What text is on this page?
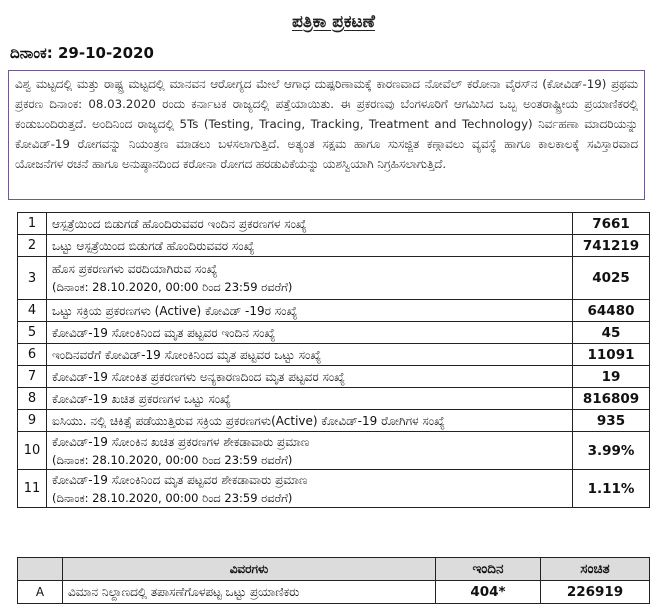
ಪತ್ರಿಕಾ ಪ್ರಕಟಣೆ
ದಿನಾಂಕ: 29-10-2020
ವಿಶ್ವ ಮಟ್ಟದಲ್ಲಿ ಮತ್ತು ರಾಷ್ಟ್ರ ಮಟ್ಟದಲ್ಲಿ ಮಾನವನ ಆರೋಗ್ಯದ ಮೇಲೆ ಆಗಾಧ ದುಷ್ಪರಿಣಾಮಕ್ಕೆ ಕಾರಣವಾದ ನೋವೆಲ್ ಕರೋನಾ ವೈರಸ್‌ನ (ಕೋವಿಡ್-19) ಪ್ರಥಮ ಪ್ರಕರಣ ದಿನಾಂಕ: 08.03.2020 ರಂದು ಕರ್ನಾಟಕ ರಾಜ್ಯದಲ್ಲಿ ಪತ್ತೆಯಾಯಿತು. ಈ ಪ್ರಕರಣವು ಬೆಂಗಳೂರಿಗೆ ಆಗಮಿಸಿದ ಒಬ್ಬ ಅಂತರಾಷ್ಟ್ರೀಯ ಪ್ರಯಾಣಿಕರಲ್ಲಿ ಕಂಡುಬಂದಿರುತ್ತದೆ. ಅಂದಿನಿಂದ ರಾಜ್ಯದಲ್ಲಿ 5Ts (Testing, Tracing, Tracking, Treatment and Technology) ನಿರ್ವಹಣಾ ಮಾದರಿಯನ್ನು ಕೋವಿಡ್-19 ರೋಗವನ್ನು ನಿಯಂತ್ರಣ ಮಾಡಲು ಬಳಸಲಾಗುತ್ತಿದೆ. ಅತ್ಯಂತ ಸಕ್ಷಮ ಹಾಗೂ ಸುಸಜ್ಜಿತ ಕಣ್ಗಾವಲು ವ್ಯವಸ್ಥೆ ಹಾಗೂ ಕಾಲಕಾಲಕ್ಕೆ ಸವಿಸ್ತಾರವಾದ ಯೋಜನೆಗಳ ರಚನೆ ಹಾಗೂ ಅನುಷ್ಠಾನದಿಂದ ಕರೋನಾ ರೋಗದ ಹರಡುವಿಕೆಯನ್ನು ಯಶಸ್ವಿಯಾಗಿ ನಿಗ್ರಹಿಸಲಾಗುತ್ತಿದೆ.
1	ಆಸ್ಪತ್ರೆಯಿಂದ ಬಿಡುಗಡೆ ಹೊಂದಿರುವವರ ಇಂದಿನ ಪ್ರಕರಣಗಳ ಸಂಖ್ಯೆ	7661
2	ಒಟ್ಟು ಆಸ್ಪತ್ರೆಯಿಂದ ಬಿಡುಗಡೆ ಹೊಂದಿರುವವರ ಸಂಖ್ಯೆ	741219
3	ಹೊಸ ಪ್ರಕರಣಗಳು ವರದಿಯಾಗಿರುವ ಸಂಖ್ಯೆ
(ದಿನಾಂಕ: 28.10.2020, 00:00 ರಿಂದ 23:59 ರವರೆಗೆ)	4025
4	ಒಟ್ಟು ಸಕ್ರಿಯ ಪ್ರಕರಣಗಳು (Active) ಕೋವಿಡ್ -19ರ ಸಂಖ್ಯೆ	64480
5	ಕೋವಿಡ್-19 ಸೋಂಕಿನಿಂದ ಮೃತ ಪಟ್ಟವರ ಇಂದಿನ ಸಂಖ್ಯೆ	45
6	ಇಂದಿನವರೆಗೆ ಕೋವಿಡ್-19 ಸೋಂಕಿನಿಂದ ಮೃತ ಪಟ್ಟವರ ಒಟ್ಟು ಸಂಖ್ಯೆ	11091
7	ಕೋವಿಡ್-19 ಸೋಂಕಿತ ಪ್ರಕರಣಗಳು ಅನ್ಯಕಾರಣದಿಂದ ಮೃತ ಪಟ್ಟವರ ಸಂಖ್ಯೆ	19
8	ಕೋವಿಡ್-19 ಖಚಿತ ಪ್ರಕರಣಗಳ ಒಟ್ಟು ಸಂಖ್ಯೆ	816809
9	ಐಸಿಯು. ನಲ್ಲಿ ಚಿಕಿತ್ಸೆ ಪಡೆಯುತ್ತಿರುವ ಸಕ್ರಿಯ ಪ್ರಕರಣಗಳು(Active) ಕೋವಿಡ್-19 ರೋಗಿಗಳ ಸಂಖ್ಯೆ	935
10	ಕೋವಿಡ್-19 ಸೋಂಕಿನ ಖಚಿತ ಪ್ರಕರಣಗಳ ಶೇಕಡಾವಾರು ಪ್ರಮಾಣ
(ದಿನಾಂಕ: 28.10.2020, 00:00 ರಿಂದ 23:59 ರವರೆಗೆ)	3.99%
11	ಕೋವಿಡ್-19 ಸೋಂಕಿನಿಂದ ಮೃತ ಪಟ್ಟವರ ಶೇಕಡಾವಾರು ಪ್ರಮಾಣ
(ದಿನಾಂಕ: 28.10.2020, 00:00 ರಿಂದ 23:59 ರವರೆಗೆ)	1.11%
	ವಿವರಗಳು	ಇಂದಿನ	ಸಂಚಿತ
A	ವಿಮಾನ ನಿಲ್ದಾಣದಲ್ಲಿ ತಪಾಸಣೆಗೊಳಪಟ್ಟ ಒಟ್ಟು ಪ್ರಯಾಣಿಕರು	404*	226919
